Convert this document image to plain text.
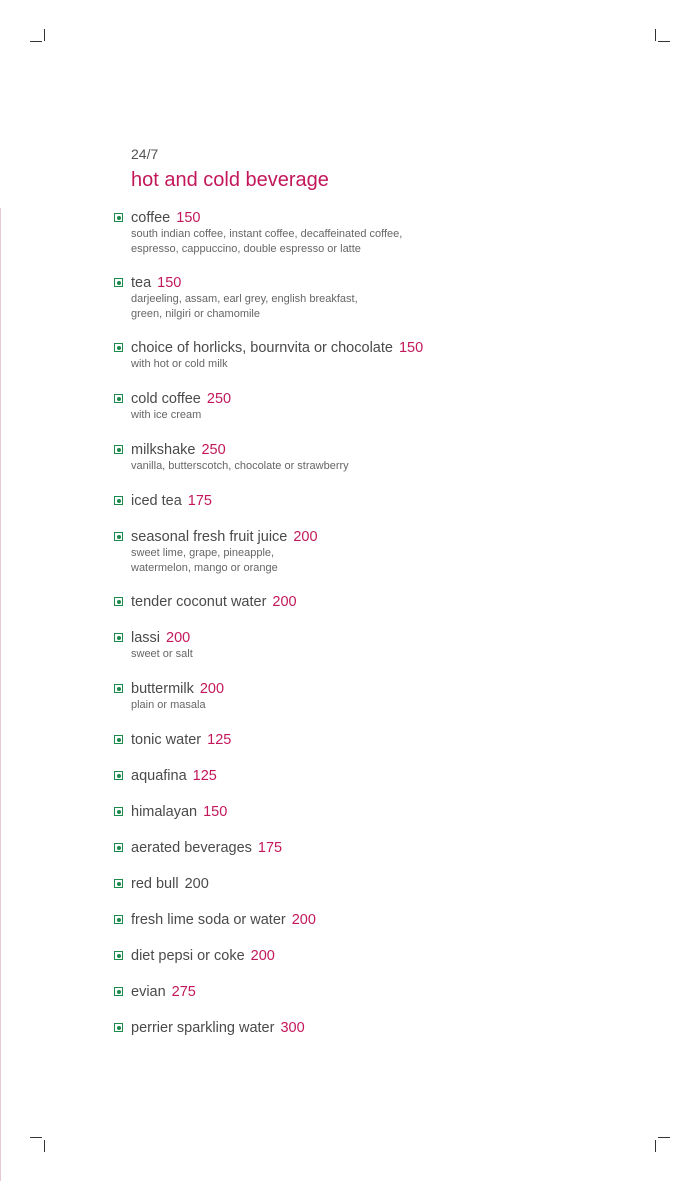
24/7

hot and cold beverage
coffee 150
south indian coffee, instant coffee, decaffeinated coffee,
espresso, cappuccino, double espresso or latte
tea 150
darjeeling, assam, earl grey, english breakfast,
green, nilgiri or chamomile
choice of horlicks, bournvita or chocolate 150
with hot or cold milk
cold coffee 250
with ice cream
milkshake 250
vanilla, butterscotch, chocolate or strawberry
iced tea 175
seasonal fresh fruit juice 200
sweet lime, grape, pineapple,
watermelon, mango or orange
tender coconut water 200
lassi 200
sweet or salt
buttermilk 200
plain or masala
tonic water 125
aquafina 125
himalayan 150
aerated beverages 175
red bull 200
fresh lime soda or water 200
diet pepsi or coke 200
evian 275
perrier sparkling water 300
